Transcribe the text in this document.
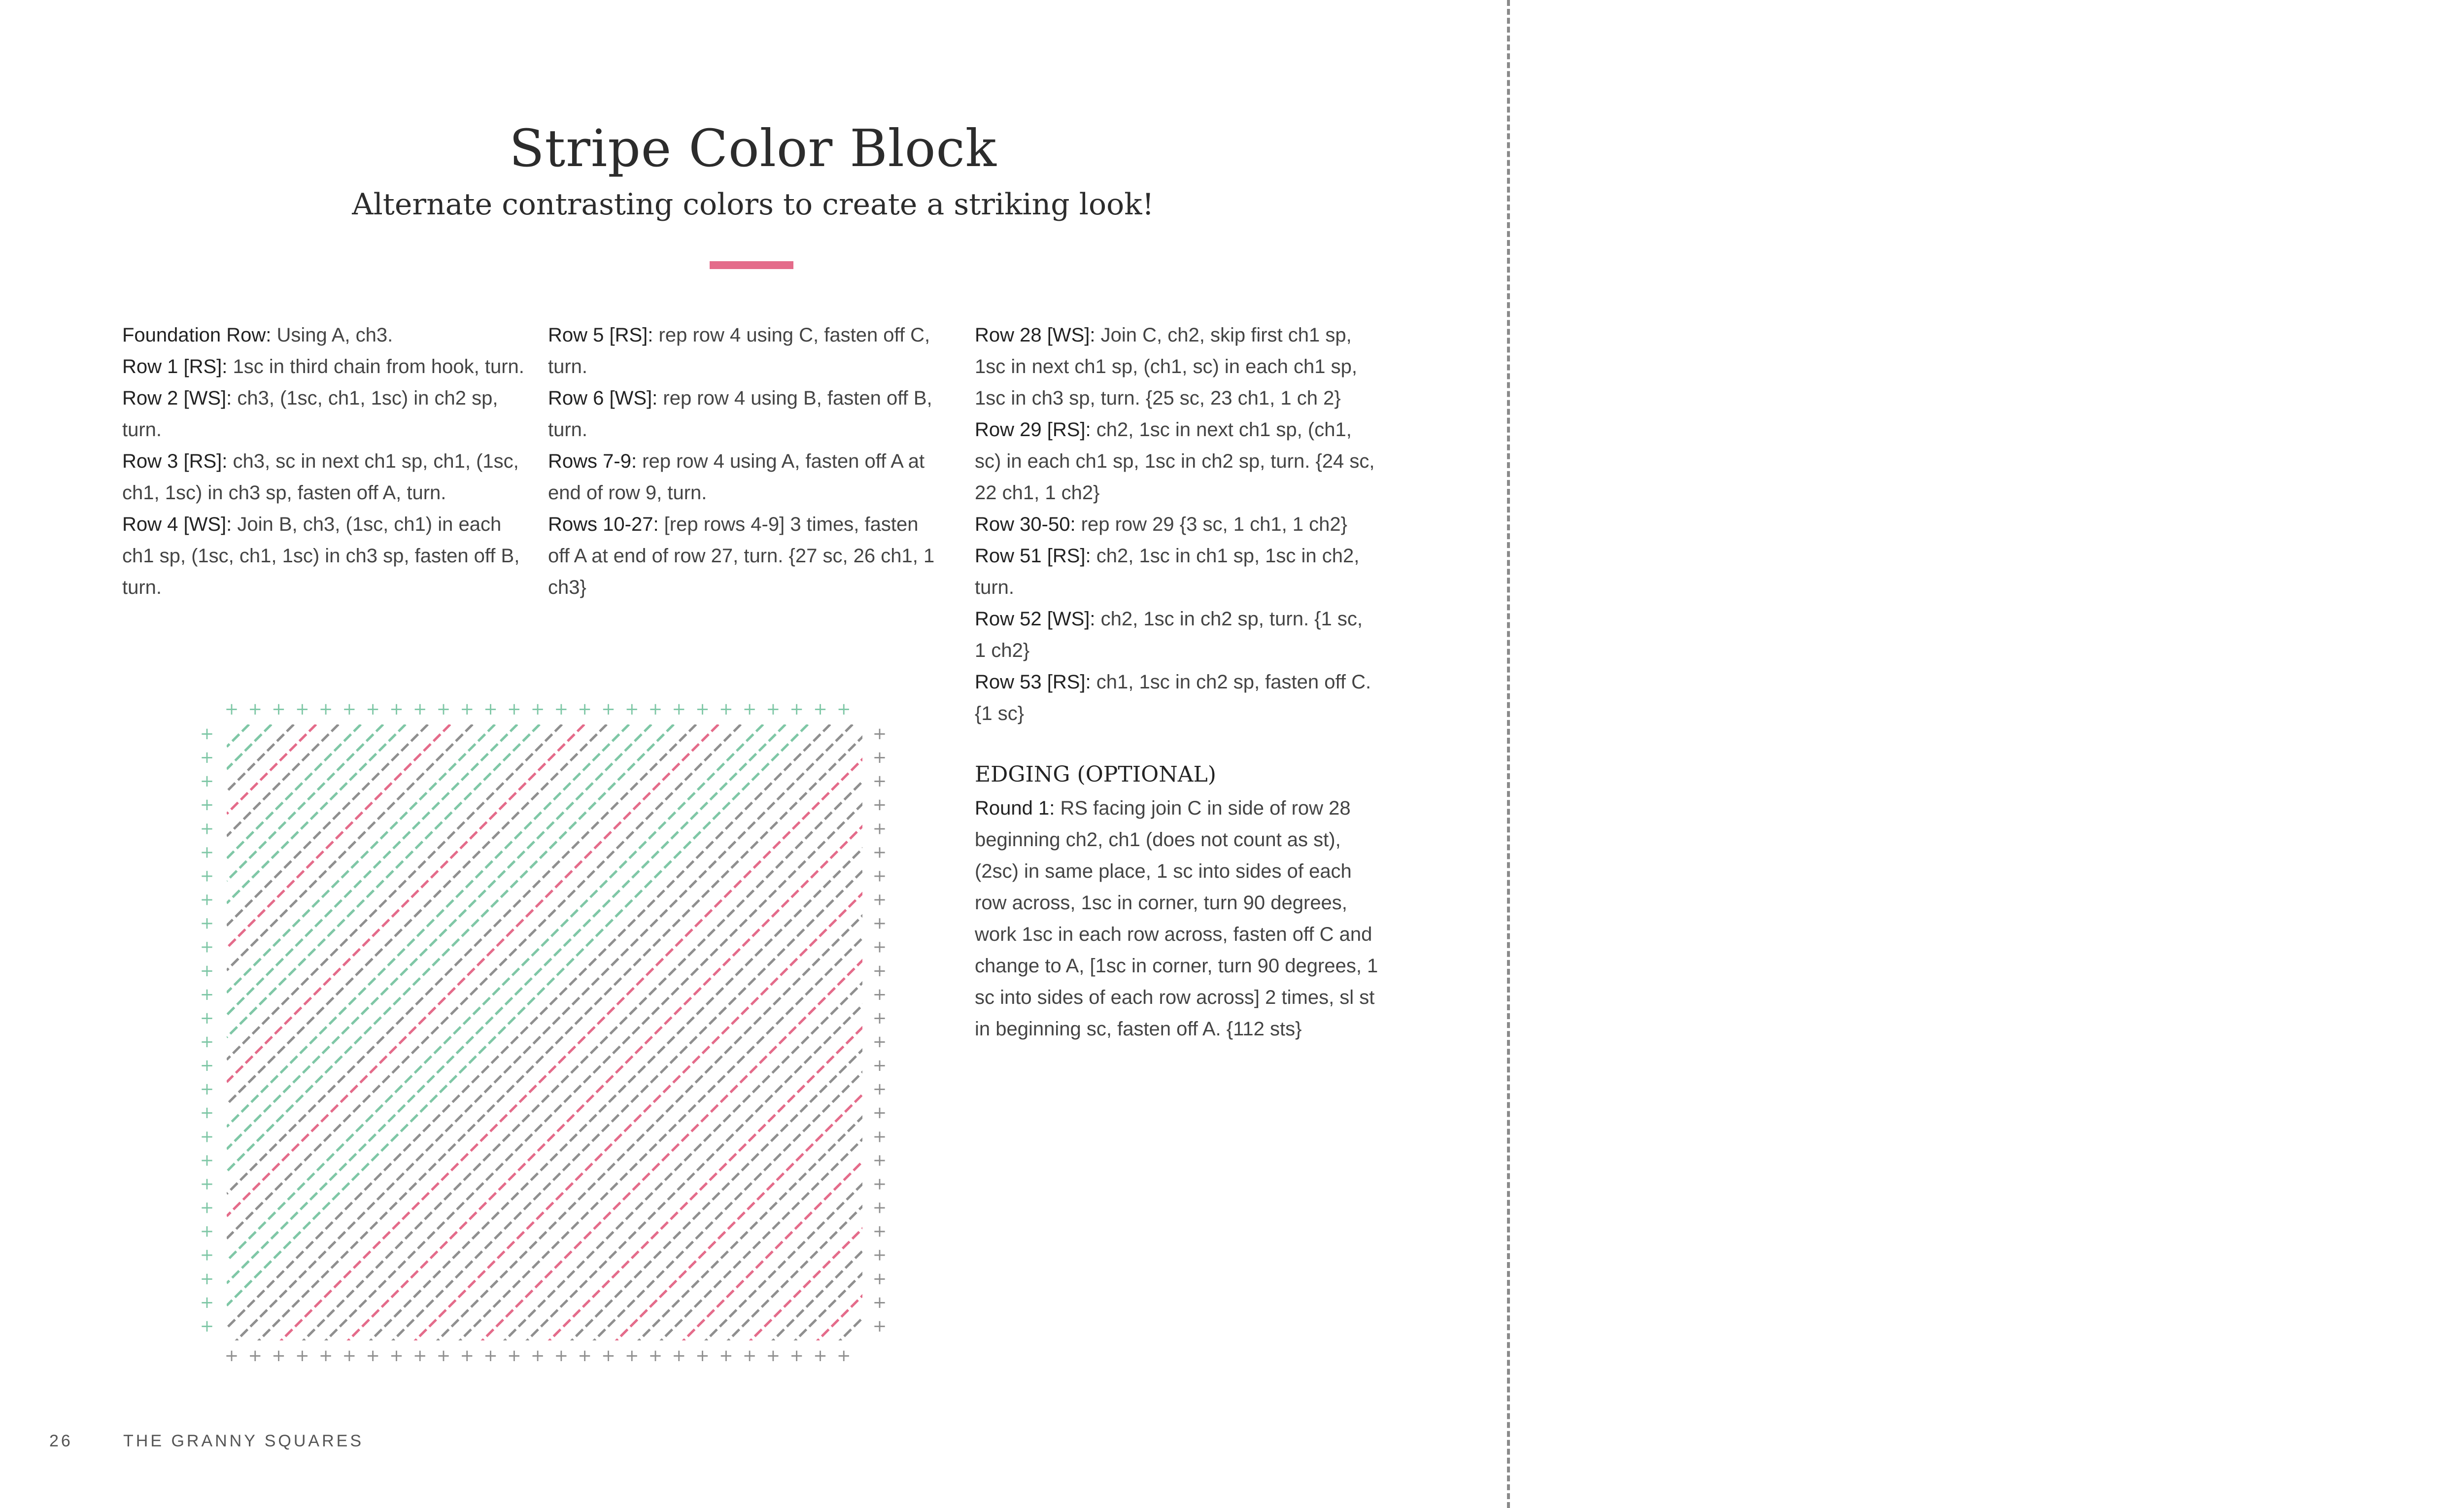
Stripe Color Block
Alternate contrasting colors to create a striking look!

Foundation Row: Using A, ch3.

Row 1 [RS]: 1sc in third chain from hook, turn.

Row 2 [WS]: ch3, (1sc, ch1, 1sc) in ch2 sp, turn.

Row 3 [RS]: ch3, sc in next ch1 sp, ch1, (1sc, ch1, 1sc) in ch3 sp, fasten off A, turn.

Row 4 [WS]: Join B, ch3, (1sc, ch1) in each ch1 sp, (1sc, ch1, 1sc) in ch3 sp, fasten off B, turn.

Row 5 [RS]: rep row 4 using C, fasten off C, turn.

Row 6 [WS]: rep row 4 using B, fasten off B, turn.

Rows 7-9: rep row 4 using A, fasten off A at end of row 9, turn.

Rows 10-27: [rep rows 4-9] 3 times, fasten off A at end of row 27, turn. {27 sc, 26 ch1, 1 ch3}

Row 28 [WS]: Join C, ch2, skip first ch1 sp, 1sc in next ch1 sp, (ch1, sc) in each ch1 sp, 1sc in ch3 sp, turn. {25 sc, 23 ch1, 1 ch 2}

Row 29 [RS]: ch2, 1sc in next ch1 sp, (ch1, sc) in each ch1 sp, 1sc in ch2 sp, turn. {24 sc, 22 ch1, 1 ch2}

Row 30-50: rep row 29 {3 sc, 1 ch1, 1 ch2}

Row 51 [RS]: ch2, 1sc in ch1 sp, 1sc in ch2, turn.

Row 52 [WS]: ch2, 1sc in ch2 sp, turn. {1 sc, 1 ch2}

Row 53 [RS]: ch1, 1sc in ch2 sp, fasten off C. {1 sc}

EDGING (OPTIONAL)

Round 1: RS facing join C in side of row 28 beginning ch2, ch1 (does not count as st), (2sc) in same place, 1 sc into sides of each row across, 1sc in corner, turn 90 degrees, work 1sc in each row across, fasten off C and change to A, [1sc in corner, turn 90 degrees, 1 sc into sides of each row across] 2 times, sl st in beginning sc, fasten off A. {112 sts}

+
+
+
+
+
+
+
+
+
+
+
+
+
+
+
+
+
+
+
+
+
+
+
+
+
+
+
+
+
+
+
+
+
+
+
+
+
+
+
+
+
+
+
+
+
+
+
+
+
+
+
+
+
+
+	+
+	+
+	+
+	+
+	+
+	+
+	+
+	+
+	+
+	+
+	+
+	+
+	+
+	+
+	+
+	+
+	+
+	+
+	+
+	+
+	+
+	+
+	+
+	+
+	+
+	+
26	THE GRANNY SQUARES
